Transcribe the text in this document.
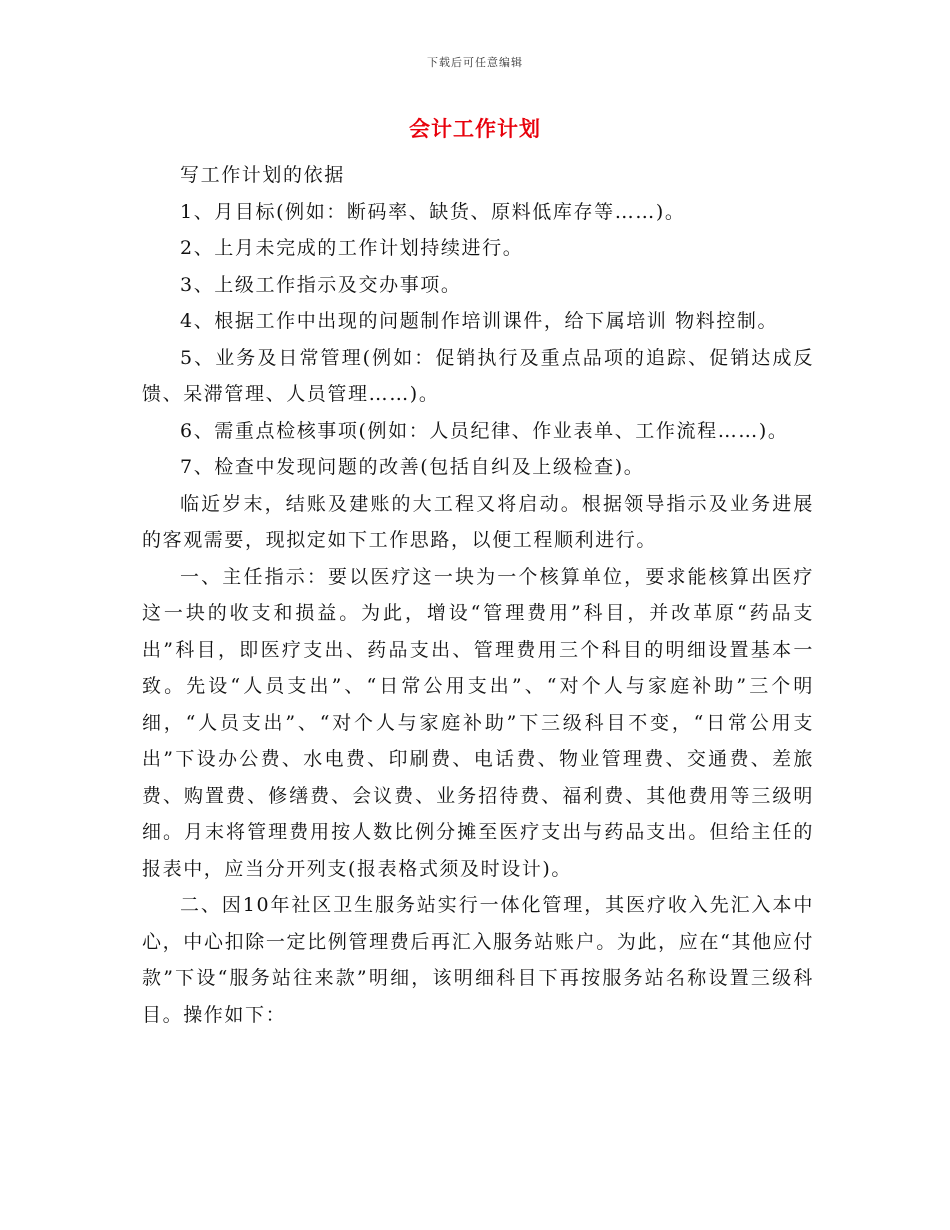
下载后可任意编辑
会计工作计划

写工作计划的依据

1、月目标(例如：断码率、缺货、原料低库存等……)。

2、上月未完成的工作计划持续进行。

3、上级工作指示及交办事项。

4、根据工作中出现的问题制作培训课件，给下属培训 物料控制。

5、业务及日常管理(例如：促销执行及重点品项的追踪、促销达成反馈、呆滞管理、人员管理……)。

6、需重点检核事项(例如：人员纪律、作业表单、工作流程……)。

7、检查中发现问题的改善(包括自纠及上级检查)。

临近岁末，结账及建账的大工程又将启动。根据领导指示及业务进展的客观需要，现拟定如下工作思路，以便工程顺利进行。

一、主任指示：要以医疗这一块为一个核算单位，要求能核算出医疗这一块的收支和损益。为此，增设“管理费用”科目，并改革原“药品支出”科目，即医疗支出、药品支出、管理费用三个科目的明细设置基本一致。先设“人员支出”、“日常公用支出”、“对个人与家庭补助”三个明细，“人员支出”、“对个人与家庭补助”下三级科目不变，“日常公用支出”下设办公费、水电费、印刷费、电话费、物业管理费、交通费、差旅费、购置费、修缮费、会议费、业务招待费、福利费、其他费用等三级明细。月末将管理费用按人数比例分摊至医疗支出与药品支出。但给主任的报表中，应当分开列支(报表格式须及时设计)。

二、因10年社区卫生服务站实行一体化管理，其医疗收入先汇入本中心，中心扣除一定比例管理费后再汇入服务站账户。为此，应在“其他应付款”下设“服务站往来款”明细，该明细科目下再按服务站名称设置三级科目。操作如下：
